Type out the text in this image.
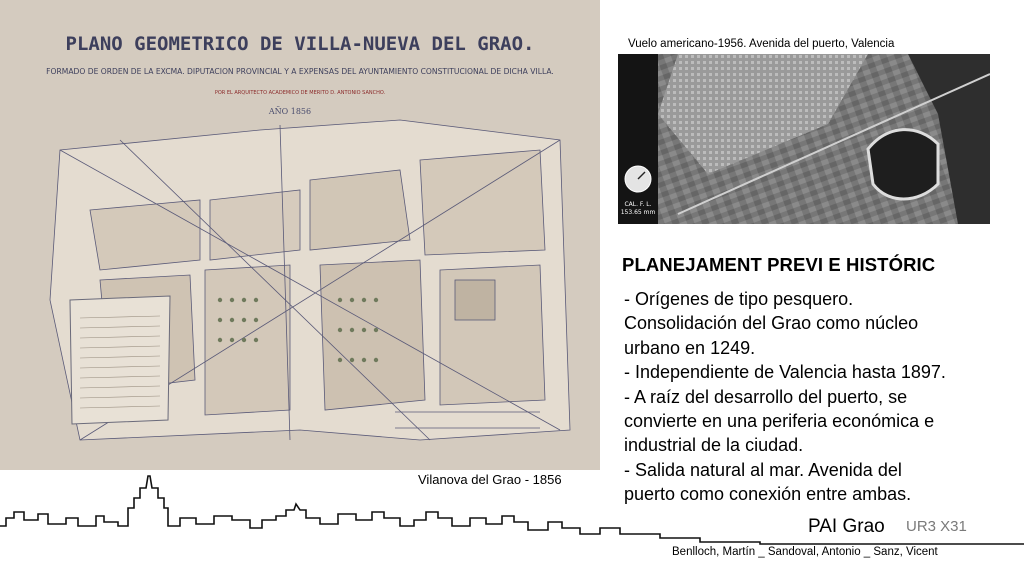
PLANO GEOMETRICO DE VILLA-NUEVA DEL GRAO.
FORMADO DE ORDEN DE LA EXCMA. DIPUTACION PROVINCIAL Y A EXPENSAS DEL AYUNTAMIENTO CONSTITUCIONAL DE DICHA VILLA.
POR EL ARQUITECTO ACADEMICO DE MERITO D. ANTONIO SANCHO.
AÑO 1856
Vilanova del Grao - 1856
Vuelo americano-1956. Avenida del puerto, Valencia
CAL. F. L.
153.65 mm
PLANEJAMENT PREVI E HISTÓRIC
- Orígenes de tipo pesquero.
Consolidación del Grao como núcleo
urbano en 1249.
- Independiente de Valencia hasta 1897.
- A raíz del desarrollo del puerto, se
convierte en una periferia económica e
industrial de la ciudad.
- Salida natural al mar. Avenida del
puerto como conexión entre ambas.
PAI Grao UR3 X31
Benlloch, Martín _ Sandoval, Antonio _ Sanz, Vicent
